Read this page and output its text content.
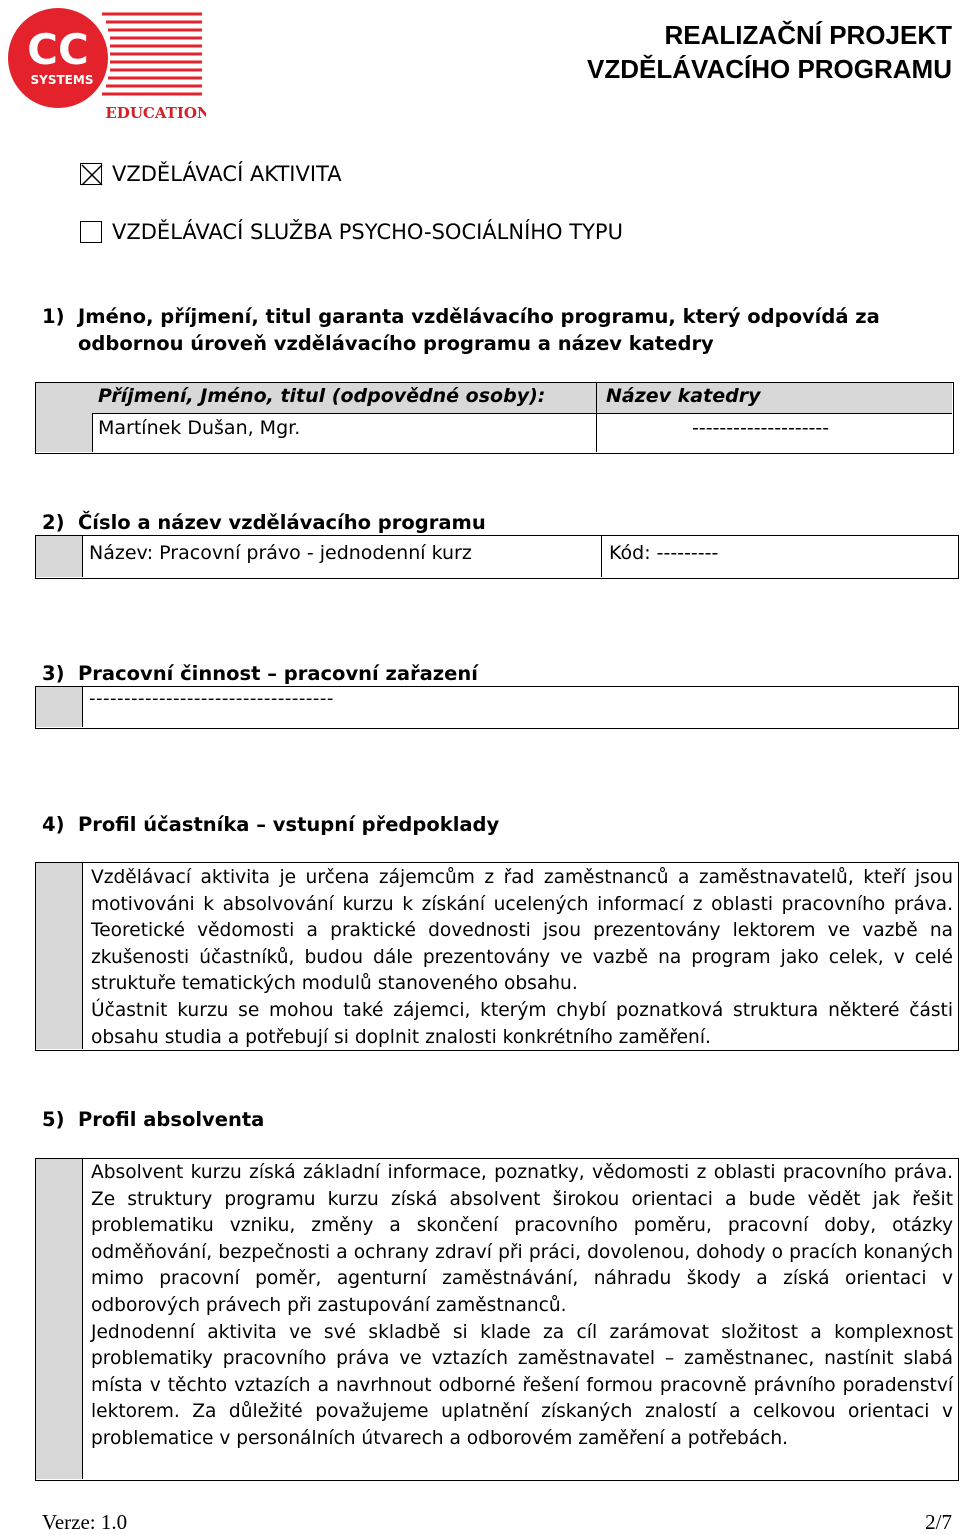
CC
SYSTEMS
EDUCATION
REALIZAČNÍ PROJEKT
VZDĚLÁVACÍHO PROGRAMU
VZDĚLÁVACÍ AKTIVITA
VZDĚLÁVACÍ SLUŽBA PSYCHO-SOCIÁLNÍHO TYPU
1) Jméno, příjmení, titul garanta vzdělávacího programu, který odpovídá za
odbornou úroveň vzdělávacího programu a název katedry
Příjmení, Jméno, titul (odpovědné osoby):	Název katedry
Martínek Dušan, Mgr.	--------------------
2) Číslo a název vzdělávacího programu
Název: Pracovní právo - jednodenní kurz	Kód: ---------
3) Pracovní činnost – pracovní zařazení
-----------------------------------
4) Profil účastníka – vstupní předpoklady
Vzdělávací aktivita je určena zájemcům z řad zaměstnanců a zaměstnavatelů, kteří jsou motivováni k absolvování kurzu k získání ucelených informací z oblasti pracovního práva. Teoretické vědomosti a praktické dovednosti jsou prezentovány lektorem ve vazbě na zkušenosti účastníků, budou dále prezentovány ve vazbě na program jako celek, v celé struktuře tematických modulů stanoveného obsahu.
Účastnit kurzu se mohou také zájemci, kterým chybí poznatková struktura některé části obsahu studia a potřebují si doplnit znalosti konkrétního zaměření.
5) Profil absolventa
Absolvent kurzu získá základní informace, poznatky, vědomosti z oblasti pracovního práva. Ze struktury programu kurzu získá absolvent širokou orientaci a bude vědět jak řešit problematiku vzniku, změny a skončení pracovního poměru, pracovní doby, otázky odměňování, bezpečnosti a ochrany zdraví při práci, dovolenou, dohody o pracích konaných mimo pracovní poměr, agenturní zaměstnávání, náhradu škody a získá orientaci v odborových právech při zastupování zaměstnanců.
Jednodenní aktivita ve své skladbě si klade za cíl zarámovat složitost a komplexnost problematiky pracovního práva ve vztazích zaměstnavatel – zaměstnanec, nastínit slabá místa v těchto vztazích a navrhnout odborné řešení formou pracovně právního poradenství lektorem. Za důležité považujeme uplatnění získaných znalostí a celkovou orientaci v problematice v personálních útvarech a odborovém zaměření a potřebách.
Verze: 1.0	2/7
